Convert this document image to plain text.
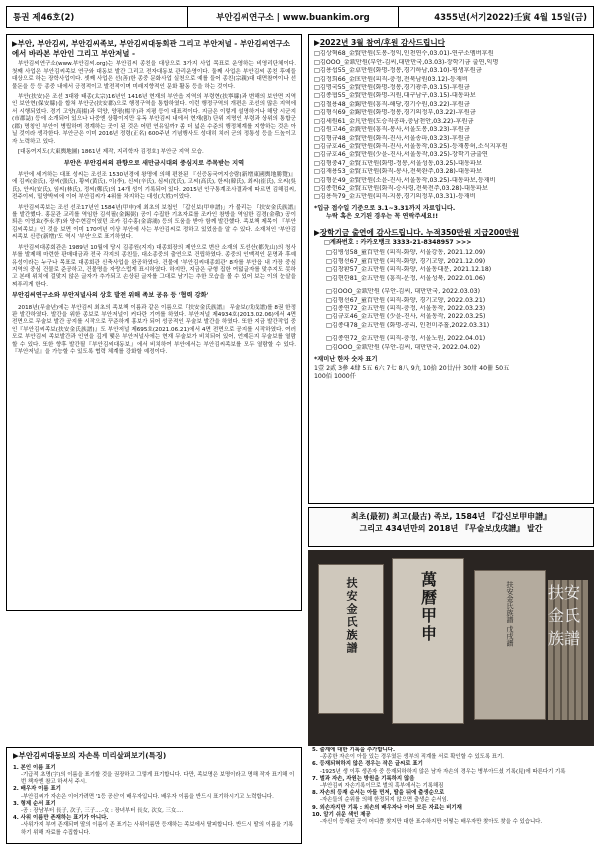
통권 제46호(2)	부안김씨연구소 | www.buankim.org	4355년(서기2022)壬寅 4월 15일(금)
▶부안, 부안김씨, 부안김씨족보, 부안김씨대동회관 그리고 부안저널 - 부안김씨연구소에서 바라본 부안인 그리고 부안저널 -
부안김씨연구소(www.부안김씨.org)는 부안김씨 종친을 대상으로 3가지 사업 목표로 운영하는 비영리단체이다. 첫째 사업은 부안김씨족보 연구와 대동보 발간 그리고 전자대동보 관리운영이다. 둘째 사업은 부안김씨 종친 후예들 대상으로 하는 장학사업이다. 셋째 사업은 선(善)한 종중 문화사업 실천으로 예를 들어 종친(宗親)대 대면참여이나 선물돈을 등 등 종중 내에서 긍정적이고 발전적이며 미래지향적인 문화 활동 등을 하는 것이다.
부안(扶安)은 조선 3대왕 태종(太宗)16년인 1416년 현재의 부안읍 지역의 부령현(扶寧縣)과 변해의 보안면 지역인 보안현(保安縣)을 합쳐 부안군(扶安郡)으로 행정구역을 통합하였다. 이런 행정구역의 개편은 조선의 많은 지역에서 시행되었다. 경기 고양(高揚)과 덕양, 양평(楊平)과 지평 등이 대표적이다. 지금은 이렇게 설명하거나 해당 시군지(市郡誌) 등에 소개되어 있으나 나중엔 상황이지만 유독 부안김씨 내에서 현재(卽) 단위 지명인 부령과 상위의 통합군(郡) 명칭인 부안이 병립하며 경계하는 곳이 된 것은 어떤 연유일까? 좀 더 넓은 수준의 행정체계를 지향하는 것은 아닐 것이라 생각한다. 부안군은 이미 2016년 정령(正名) 600주년 기념행사도 성대히 치러 군의 정통성 등을 드높이고자 노력하고 있다.
[대동여지도(大東輿地圖) 1861년 제작, 지리학자 김정호] 부안군 지역 모습.
부안은 부안김씨의 관향으로 새만금시대의 중심지로 주목받는 지역
부안에 세거하는 대표 성씨는 조선조 1530년경에 왕명에 의해 편찬된 『신증동국여지승람(新增東國輿地勝覽)』에 김씨(金氏), 장씨(張氏), 황씨(黃氏), 이(李), 신씨(辛氏), 심씨(沈氏), 고씨(高氏), 한씨(韓氏), 최씨(崔氏), 오씨(吳氏), 안씨(安氏), 임씨(林氏), 정씨(鄭氏)의 14개 성이 기록되어 있다. 2015년 인구통계조사결과에 따르면 김해김씨, 전주이씨, 밀양박씨에 이어 부안김씨가 4위를 차지하는 대성(大姓)이었다.
부안김씨족보는 조선 선조17년인 1584년(甲申)에 최초의 보첩인 「갑신보(甲申譜)」가 불리는 『扶安金氏族譜』를 발간했다. 홍문관 교리를 역임한 김석필(金錫弼) 공이 수집한 기초자료를 조카인 참방을 역임한 김경(金敬) 공이 퇴은 이영효(李永孝)와 양수현감이였던 조카 김수홍(金壽鴻) 등의 도움을 받아 함께 발간했다. 족보책 제목이 『부안김씨족보』인 것을 보면 이미 170여년 이상 부안에 사는 부안김씨로 정하고 있었음을 알 수 있다. 소재처인 '부안김씨족보 신증(新增)'도 역시 '부안'으로 표기하였다.
부안김씨대종회관은 1989년 10월에 당시 김종원(지지) 대종회장의 제안으로 변산 소재의 도선산(都先山)의 청사부를 발제해 마련한 판매대금과 전국 각지의 종친들, 대소종중의 출연으로 건립하였다. 종중의 인맥적인 문명과 후예 유성이라는 누구나 목표로 대종회관 신축사업을 완공하였다. 건물에 '부안김씨대종회관' 8자를 부안읍 내 가장 중심 지역의 중심 건물로 준공하고, 건물명을 자랑스럽게 표시하였다. 하지만, 지금은 규형 집한 여덟글자를 맞추지도 못하고 본래 위치에 걸맞지 않은 글자가 추가되고 손상된 글자를 그대로 남기는 추한 모습을 볼 수 있어 보는 이의 눈살을 찌푸리게 한다.
부안김씨연구소와 부안저널사의 상호 발전 위해 족보 공유 등 '협력 강화'
2018년(무술년)에는 부안김씨 최초의 족보책 이름과 같은 이름으로『扶安金氏族譜』 무술보(戊戌譜)를 8권 한정판 발간하였다. 발간을 위한 종보로 부안저널이 커다란 기여를 하였다. 부안저널 제4934호(2013.02.06)에서 4면 전면으로 무술보 발간 공지를 시작으로 꾸준하게 홍보가 되어 성공적인 무술보 발간을 하였다. 또한 지금 발간작업 중인『부안김씨족보(扶安金氏族譜)』도 부안저널 제695호(2021.06.21)에서 4면 전면으로 공지를 시작하였다. 여러모로 부안김씨 족보발간과 인연을 깊게 맺은 부안저널사에는 현재 무술보가 비치되어 있어, 언제든지 무술보를 열람할 수 있다. 또한 향후 발간될『부안김씨대동보』에서 비치하여 부안에서는 부안김씨족보를 모두 열람할 수 있다.『부안저널』을 가능할 수 있도록 협력 체계를 강화할 예정이다.
▶2022년 3월 참여/후원 감사드립니다
□김상혁68_金賢만원(도봉-정익,인천연수,03.01)-연구소멤버후원
□김OOO_金欽만원(부안-김씨,대만만국,03.03)-장학기금 출연,익명
□김용섭55_金卓만원(화명-정봉,경기하남,03.10)-평생후원금
□김정희66_金匡만원(피직-충정,전북남원03.12)-등재비
□김명국55_金賢만원(화명-정봉,경기광주,03.15)-후원금
□김종협55_金賢만원(화명-지원,대구남구,03.15)-대동파보
□김철용48_金錫만원(흥직-해당,경기수원,03.22)-후원금
□김형식69_金錫만원(화명-정봉,경기의정부,03.22)-후원금
□김세원61_金凡만원(도승직공파,충남천안,03.22)-후원금
□김원고46_金銑만원(흥직-봉사,서울도봉,03.23)-후원금
□김형규48_金賢만원(화직-진사,서울송파,03.23)-후원금
□김규호46_金賢만원(화직-진사,서울동작,03.25)-등재통허,소식지후원
□김규호46_金賢만원(少윤-진사,서울동작,03.25)-장학기금출연
□김형중47_金賢五만원(화명-정봉,서울성동,03.25)-대동파보
□김재용53_金賢五만원(화직-봉사,전북완주,03.28)-대동파보
□김형운49_金賢만원(소윤-진사,서울동작,03.25)-대동파보,등재비
□김종헌62_金賢五만원(화직-승사령,전북전주,03.28)-대동파보
□김용득79_金五만원(피직-지봉,경기의정부,03.31)-등재비
*입금 접수일 기준으로 3.1~3.31까지 자료입니다.
누락 혹은 오기된 경우는 꼭 연락주세요!!
▶장학기금 출연에 감사드립니다. 누적350만원 지급200만원
□계좌번호 : 카카오뱅크 3333-21-8348957 >>>
□김병성58_童百만원 (피직-화양, 서울강동, 2021.12.09)
□김형선67_童百만원 (피직-화양, 경기고양, 2021.12.09)
□김창환57_金五만원 (피직-화양, 서울동대문, 2021.12.18)
□김현한81_金五만원 (흥직-운정, 서울성북, 2022.01.06)
□김OOO_金欽만원 (부안-김씨, 대만만국, 2022.03.03)
□김형선67_童百만원 (피직-화양, 경기고양, 2022.03.21)
□김종연72_金五만원 (피직-충정, 서울동작, 2022.03.23)
□김규호46_金五만원 (少윤-진사, 서울동작, 2022.03.25)
□김종대78_金五만원 (화명-공리, 인천미추홀,2022.03.31)
□김종연72_金五만원 (피직-충정, 서울노원, 2022.04.01)
□김OOO_金欽만원 (부안-김씨, 대만만국, 2022.04.02)
*재미난 한자 숫자 표기
1壹 2貳 3參 4肆 5五 6六 7七 8八 9九 10拾 20廿/卄 30卅 40卌 50五
100佰 1000仟
최초(最初) 최고(最古) 족보, 1584년 『갑신보甲申譜』
그리고 434년만의 2018년 『무술보戊戌譜』 발간
扶安金氏族譜	萬曆甲申	扶安金氏族譜 戊戌譜 扶安金氏族譜
▶부안김씨대동보의 자손록 미리살펴보기(특징)
1. 본인 이름 표기
-기급적 초명(字)의 이름을 표기할 것을 권장하고 그렇게 표기합니다. 다만, 족보명은 보명이라고 명해 작자 표기해 이번 책자엔 참고 하셔서 주시.
2. 배우자 이름 표기
-부안김씨가 자손은 이어가려면 '1등 공신'이 배우자입니다. 배우자 이름을 반드시 표기하시기고 노력합니다.
3. 형제 순서 표기
-공 : 장남부터 長子, 次子, 三子....-女 : 장녀부터 長女, 次女, 三女....
4. 사위 이름만 존재하는 표기가 아니다.
-사위가지 부여 존재되며 딸의 이름이 존 표기는 사위이름만 등재하는 족보에서 탈피합니다. 반드시 딸의 이름을 기록하기 위해 자료를 수집합니다.
5. 출계에 대한 기록을 추가합니다.
-종종한 자손이 아들 있는 경우였든 생부의 직계를 서로 확인할 수 있도록 표기.
6. 등재되혀하지 않은 경우는 작은 글씨로 표기
-1925년 생 이후 생존자 중 등재되하하지 않은 남자 자손의 경우는 병부아드셨 기록(見)에 따른다기 기록
7. 벌과 자손, 자원는 방원을 기록하지 않음
-부안김씨 자손기록이므로 벌의 혹부에서는 기록해짐
8. 자손의 등재 순서는 아들 먼저, 딸을 뒤에 출생순으로
-자손들의 순위를 의해 한정되지 않으면 출생순 순서임.
9. 외손자지만 기록 : 외손의 배우자나 이어 모든 자료는 비기재
10. 알기 쉬운 색인 제공
-자신이 등재된 곳이 어디쯤 찾지만 대한 표수하지만 어떻는 배우자만 찾아도 찾을 수 있습니다.
